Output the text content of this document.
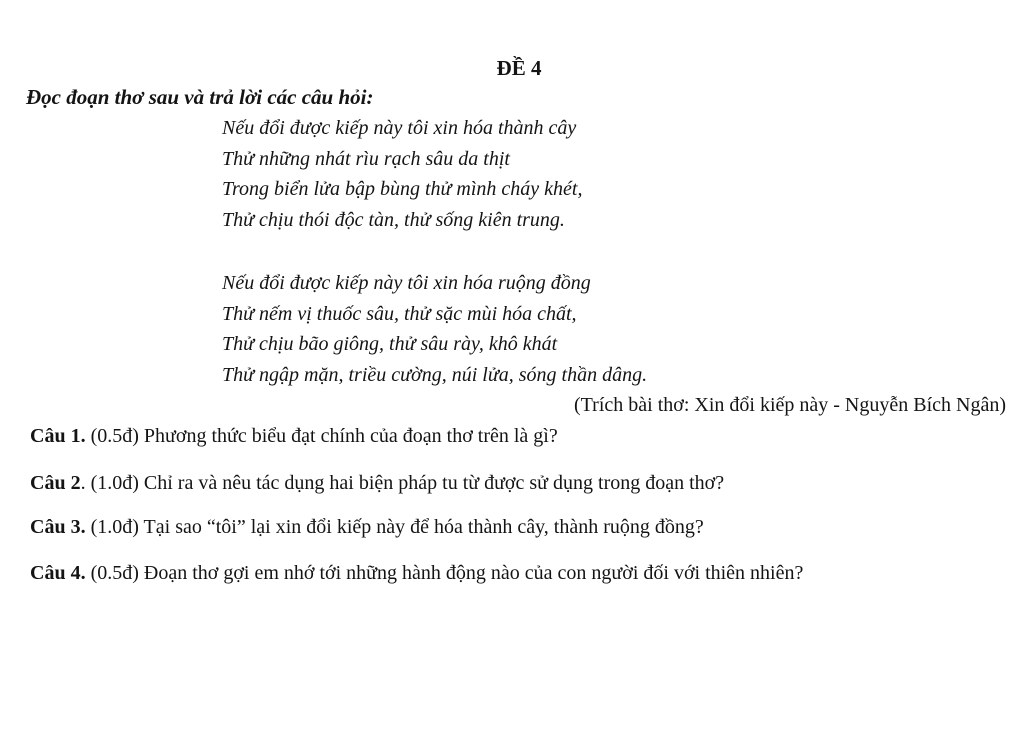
ĐỀ 4
Đọc đoạn thơ sau và trả lời các câu hỏi:
Nếu đổi được kiếp này tôi xin hóa thành cây
Thử những nhát rìu rạch sâu da thịt
Trong biển lửa bập bùng thử mình cháy khét,
Thử chịu thói độc tàn, thử sống kiên trung.
Nếu đổi được kiếp này tôi xin hóa ruộng đồng
Thử nếm vị thuốc sâu, thử sặc mùi hóa chất,
Thử chịu bão giông, thử sâu rày, khô khát
Thử ngập mặn, triều cường, núi lửa, sóng thần dâng.
(Trích bài thơ: Xin đổi kiếp này - Nguyễn Bích Ngân)
Câu 1. (0.5đ) Phương thức biểu đạt chính của đoạn thơ trên là gì?
Câu 2. (1.0đ) Chỉ ra và nêu tác dụng hai biện pháp tu từ được sử dụng trong đoạn thơ?
Câu 3. (1.0đ) Tại sao “tôi” lại xin đổi kiếp này để hóa thành cây, thành ruộng đồng?
Câu 4. (0.5đ) Đoạn thơ gợi em nhớ tới những hành động nào của con người đối với thiên nhiên?
